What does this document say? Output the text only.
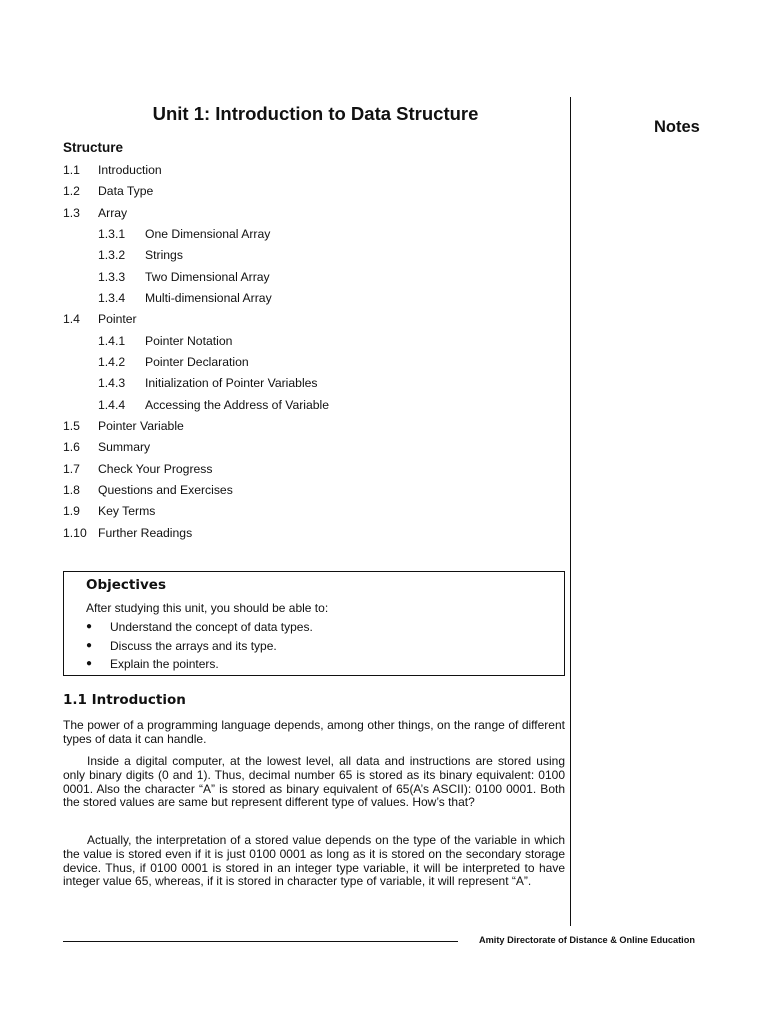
Unit 1: Introduction to Data Structure
Notes
Structure
1.1 Introduction
1.2 Data Type
1.3 Array
1.3.1 One Dimensional Array
1.3.2 Strings
1.3.3 Two Dimensional Array
1.3.4 Multi-dimensional Array
1.4 Pointer
1.4.1 Pointer Notation
1.4.2 Pointer Declaration
1.4.3 Initialization of Pointer Variables
1.4.4 Accessing the Address of Variable
1.5 Pointer Variable
1.6 Summary
1.7 Check Your Progress
1.8 Questions and Exercises
1.9 Key Terms
1.10 Further Readings
Objectives
After studying this unit, you should be able to:
● Understand the concept of data types.
● Discuss the arrays and its type.
● Explain the pointers.
1.1 Introduction

The power of a programming language depends, among other things, on the range of different types of data it can handle.

Inside a digital computer, at the lowest level, all data and instructions are stored using only binary digits (0 and 1). Thus, decimal number 65 is stored as its binary equivalent: 0100 0001. Also the character “A” is stored as binary equivalent of 65(A’s ASCII): 0100 0001. Both the stored values are same but represent different type of values. How’s that?

Actually, the interpretation of a stored value depends on the type of the variable in which the value is stored even if it is just 0100 0001 as long as it is stored on the secondary storage device. Thus, if 0100 0001 is stored in an integer type variable, it will be interpreted to have integer value 65, whereas, if it is stored in character type of variable, it will represent “A”.

Amity Directorate of Distance & Online Education
